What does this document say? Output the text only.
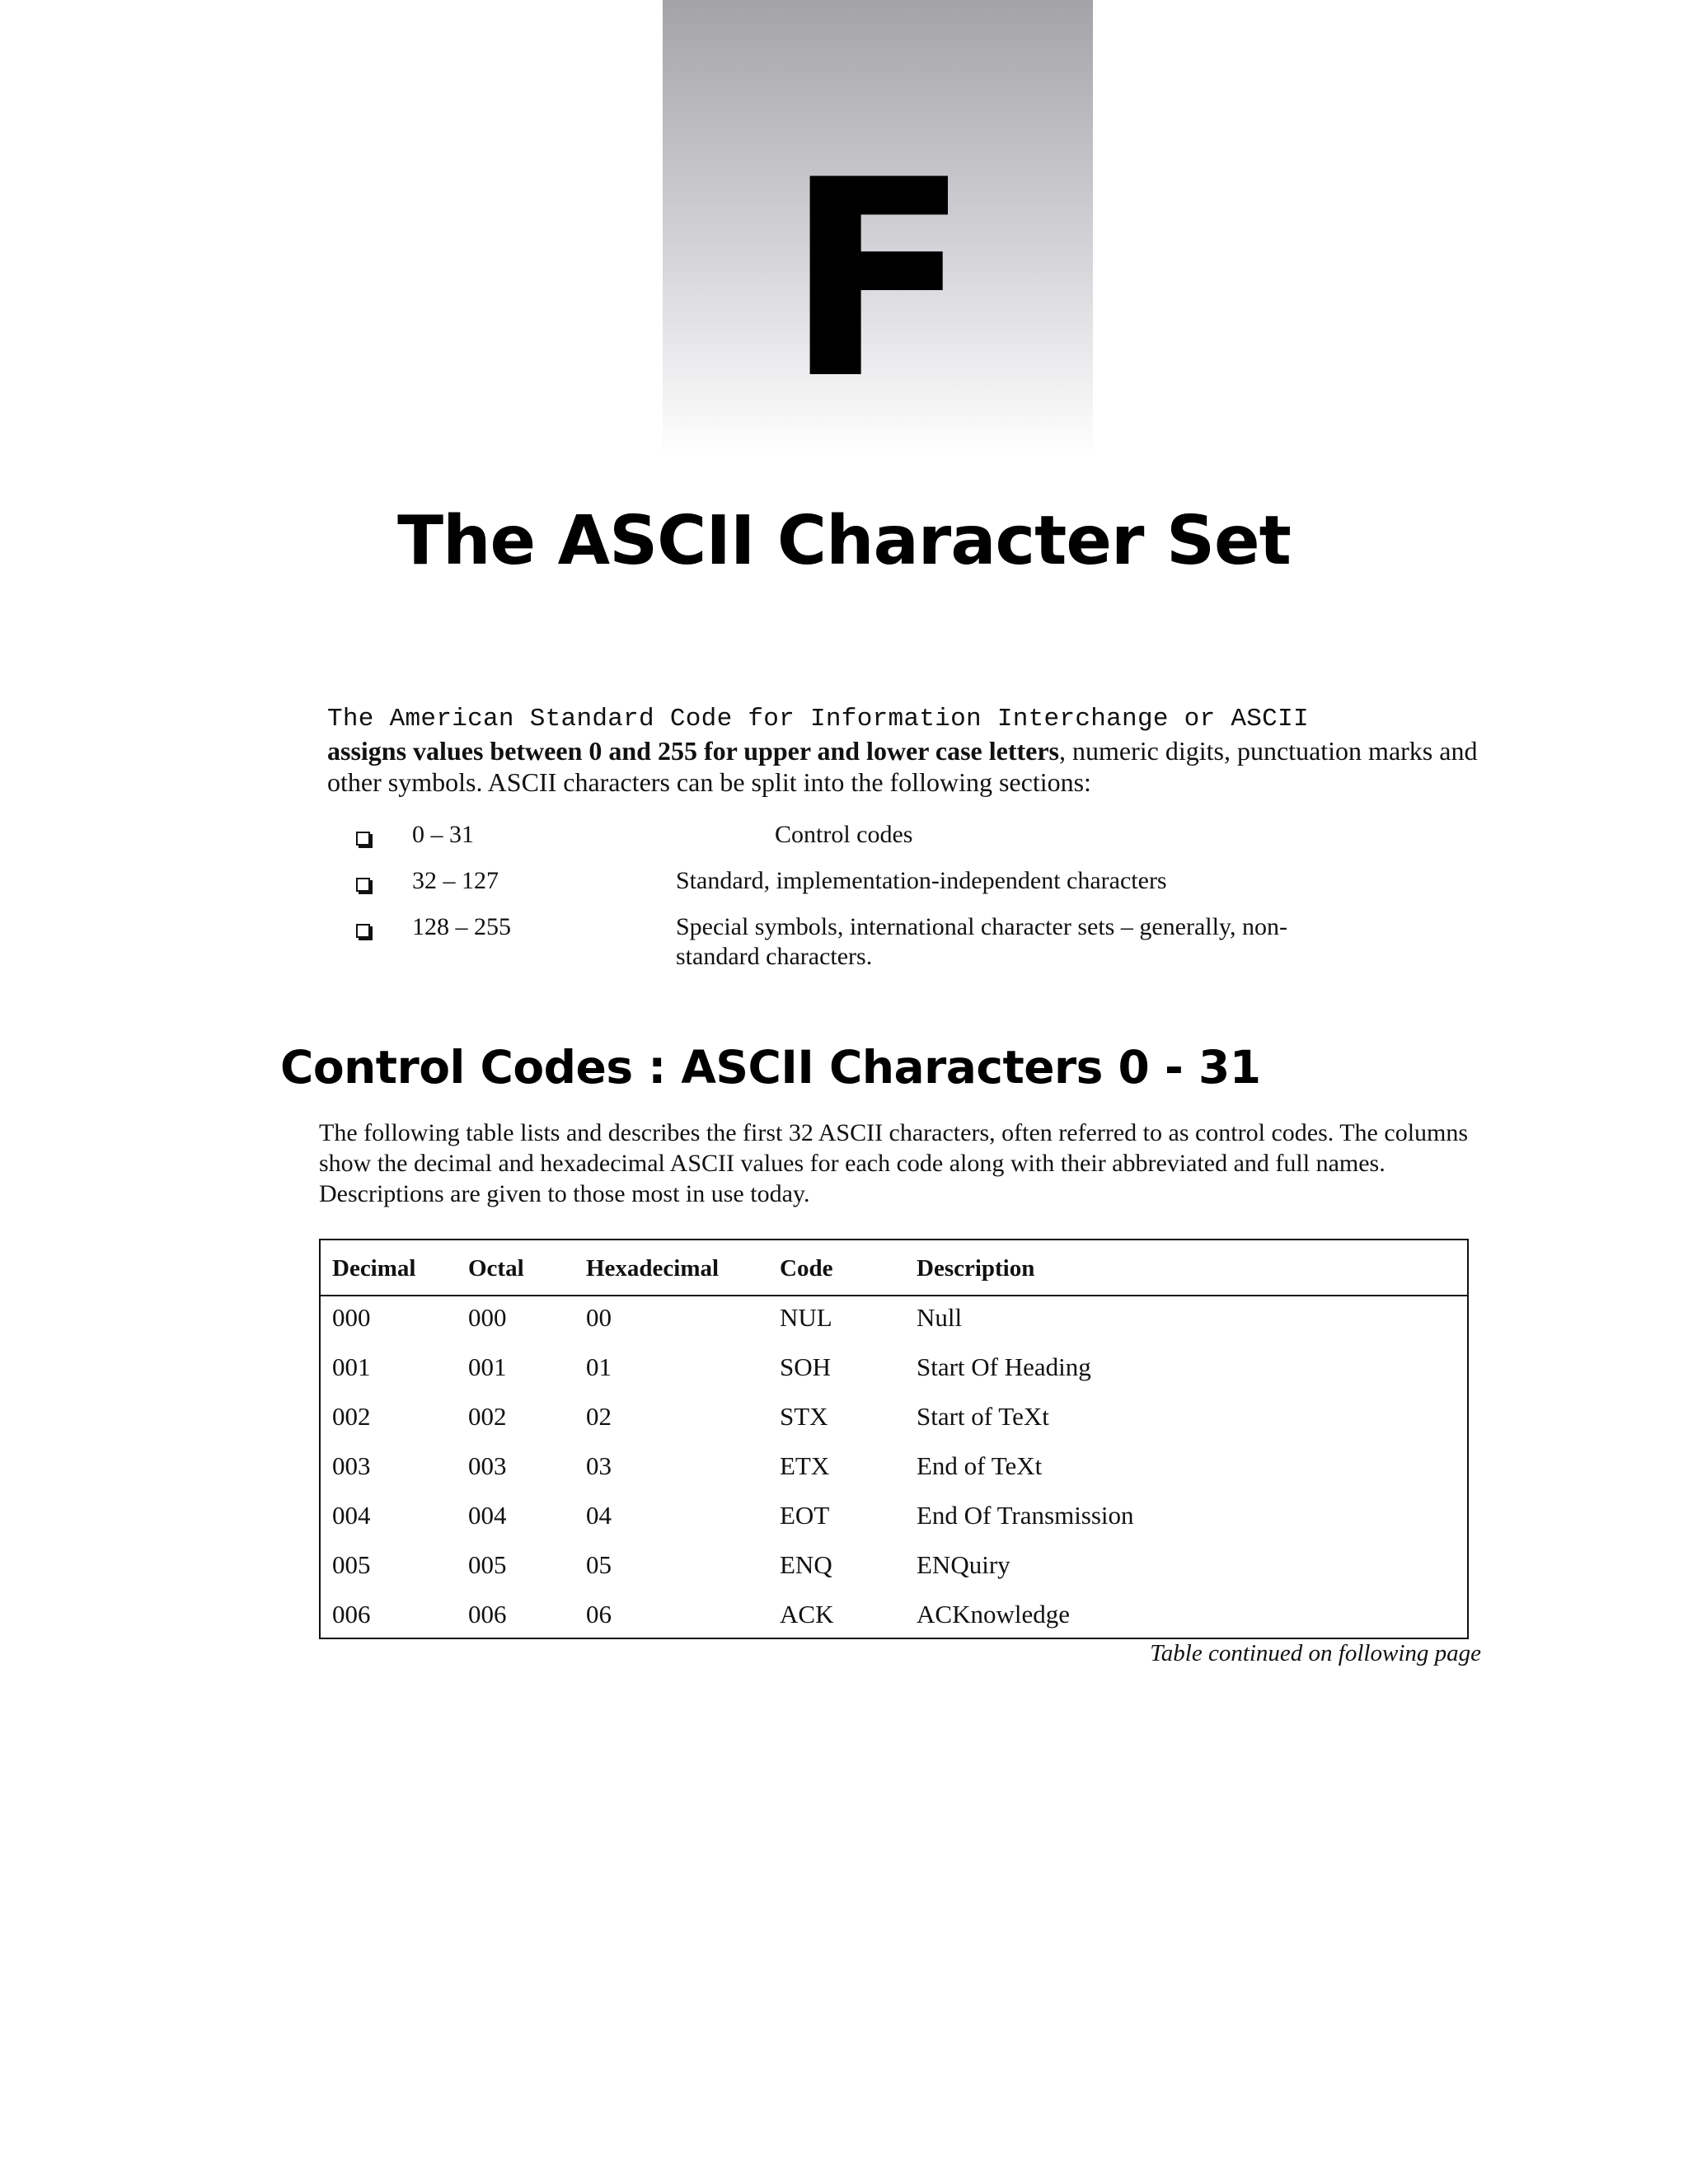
F
The ASCII Character Set
The American Standard Code for Information Interchange or ASCII
assigns values between 0 and 255 for upper and lower case letters, numeric digits, punctuation marks and other symbols. ASCII characters can be split into the following sections:
0 – 31	Control codes
32 – 127	Standard, implementation-independent characters
128 – 255	Special symbols, international character sets – generally, non-standard characters.
Control Codes : ASCII Characters 0 - 31
The following table lists and describes the first 32 ASCII characters, often referred to as control codes. The columns show the decimal and hexadecimal ASCII values for each code along with their abbreviated and full names. Descriptions are given to those most in use today.
Decimal Octal	Hexadecimal	Code	Description
000	000	00	NUL	Null
001	001	01	SOH	Start Of Heading
002	002	02	STX	Start of TeXt
003	003	03	ETX	End of TeXt
004	004	04	EOT	End Of Transmission
005	005	05	ENQ	ENQuiry
006	006	06	ACK	ACKnowledge
Table continued on following page
